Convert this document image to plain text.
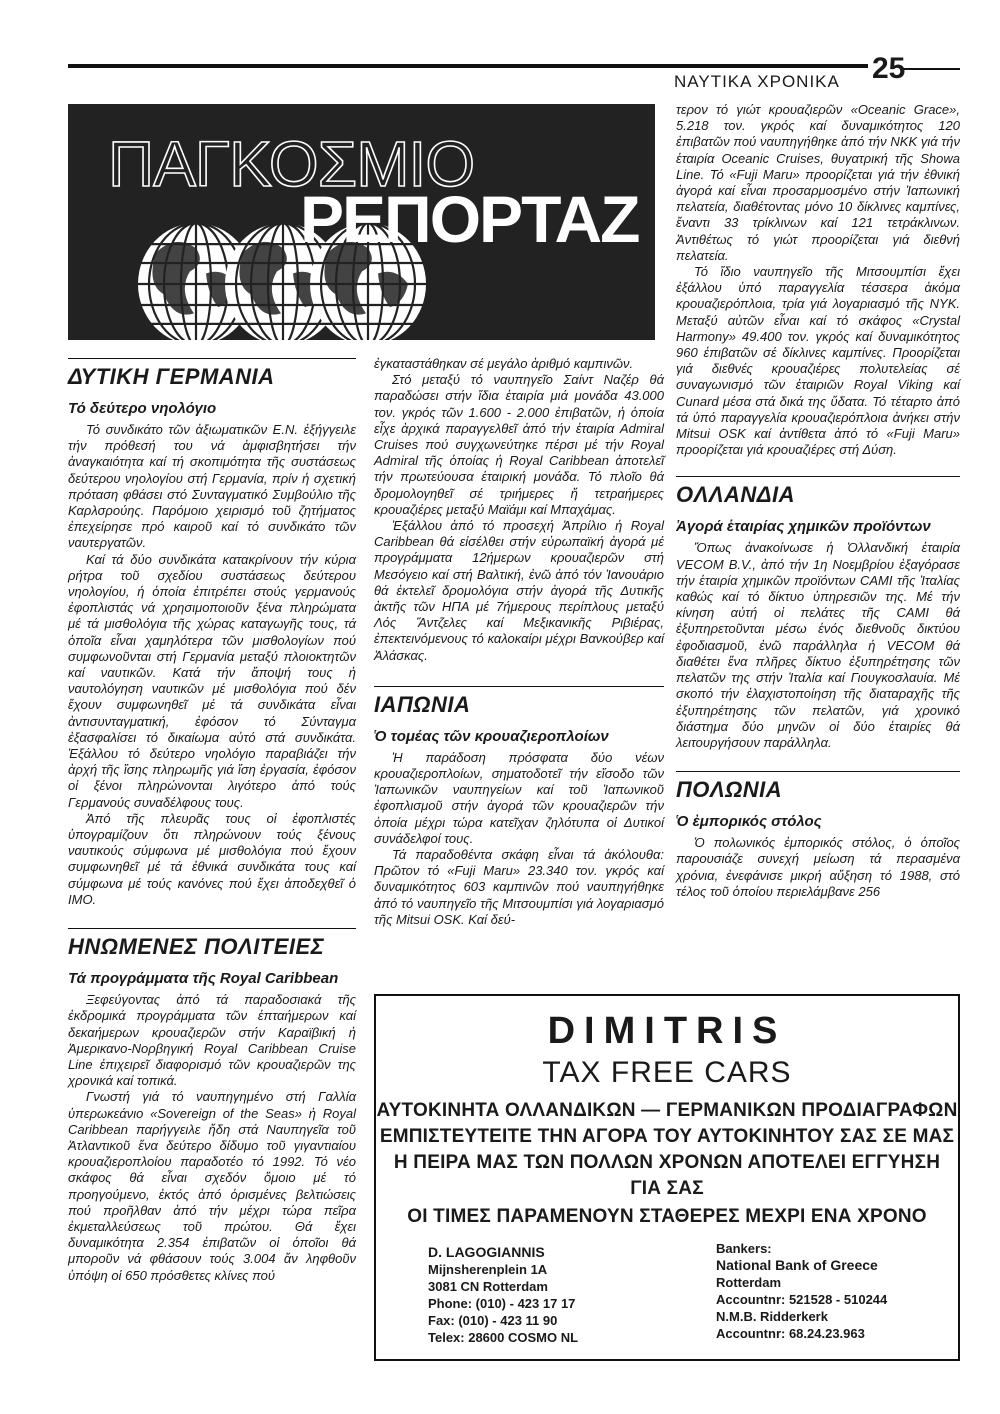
ΝΑΥΤΙΚΑ ΧΡΟΝΙΚΑ 25
ΠΑΓΚΟΣΜΙΟ
ΡΕΠΟΡΤΑΖ
ΔΥΤΙΚΗ ΓΕΡΜΑΝΙΑ
Τό δεύτερο νηολόγιο

Τό συνδικάτο τῶν ἀξιωματικῶν Ε.Ν. ἐξήγγειλε τήν πρόθεσή του νά ἀμφισβητήσει τήν ἀναγκαιότητα καί τή σκοπιμότητα τῆς συστάσεως δεύτερου νηολογίου στή Γερμανία, πρίν ἡ σχετική πρόταση φθάσει στό Συνταγματικό Συμβούλιο τῆς Καρλσρούης. Παρόμοιο χειρισμό τοῦ ζητήματος ἐπεχείρησε πρό καιροῦ καί τό συνδικάτο τῶν ναυτεργατῶν.

Καί τά δύο συνδικάτα κατακρίνουν τήν κύρια ρήτρα τοῦ σχεδίου συστάσεως δεύτερου νηολογίου, ἡ ὁποία ἐπιτρέπει στούς γερμανούς ἐφοπλιστάς νά χρησιμοποιοῦν ξένα πληρώματα μέ τά μισθολόγια τῆς χώρας καταγωγῆς τους, τά ὁποῖα εἶναι χαμηλότερα τῶν μισθολογίων πού συμφωνοῦνται στή Γερμανία μεταξύ πλοιοκτητῶν καί ναυτικῶν. Κατά τήν ἄποψή τους ἡ ναυτολόγηση ναυτικῶν μέ μισθολόγια πού δέν ἔχουν συμφωνηθεῖ μέ τά συνδικάτα εἶναι ἀντισυνταγματική, ἐφόσον τό Σύνταγμα ἐξασφαλίσει τό δικαίωμα αὐτό στά συνδικάτα. Ἐξάλλου τό δεύτερο νηολόγιο παραβιάζει τήν ἀρχή τῆς ἴσης πληρωμῆς γιά ἴση ἐργασία, ἐφόσον οἱ ξένοι πληρώνονται λιγότερο ἀπό τούς Γερμανούς συναδέλφους τους.

Ἀπό τῆς πλευρᾶς τους οἱ ἐφοπλιστές ὑπογραμίζουν ὅτι πληρώνουν τούς ξένους ναυτικούς σύμφωνα μέ μισθολόγια πού ἔχουν συμφωνηθεῖ μέ τά ἐθνικά συνδικάτα τους καί σύμφωνα μέ τούς κανόνες πού ἔχει ἀποδεχθεῖ ὁ ΙΜΟ.

ΗΝΩΜΕΝΕΣ ΠΟΛΙΤΕΙΕΣ
Τά προγράμματα τῆς Royal Caribbean

Ξεφεύγοντας ἀπό τά παραδοσιακά τῆς ἐκδρομικά προγράμματα τῶν ἑπταήμερων καί δεκαήμερων κρουαζιερῶν στήν Καραϊβική ἡ Ἀμερικανο-Νορβηγική Royal Caribbean Cruise Line ἐπιχειρεῖ διαφορισμό τῶν κρουαζιερῶν της χρονικά καί τοπικά.

Γνωστή γιά τό ναυπηγημένο στή Γαλλία ὑπερωκεάνιο «Sovereign of the Seas» ἡ Royal Caribbean παρήγγειλε ἤδη στά Ναυπηγεῖα τοῦ Ἀτλαντικοῦ ἕνα δεύτερο δίδυμο τοῦ γιγαντιαίου κρουαζιεροπλοίου παραδοτέο τό 1992. Τό νέο σκάφος θά εἶναι σχεδόν ὅμοιο μέ τό προηγούμενο, ἐκτός ἀπό ὁρισμένες βελτιώσεις πού προῆλθαν ἀπό τήν μέχρι τώρα πεῖρα ἐκμεταλλεύσεως τοῦ πρώτου. Θά ἔχει δυναμικότητα 2.354 ἐπιβατῶν οἱ ὁποῖοι θά μποροῦν νά φθάσουν τούς 3.004 ἄν ληφθοῦν ὑπόψη οἱ 650 πρόσθετες κλίνες πού

ἐγκαταστάθηκαν σέ μεγάλο ἀριθμό καμπινῶν.

Στό μεταξύ τό ναυπηγεῖο Σαίντ Ναζέρ θά παραδώσει στήν ἴδια ἑταιρία μιά μονάδα 43.000 τον. γκρός τῶν 1.600 - 2.000 ἐπιβατῶν, ἡ ὁποία εἶχε ἀρχικά παραγγελθεῖ ἀπό τήν ἑταιρία Admiral Cruises πού συγχωνεύτηκε πέρσι μέ τήν Royal Admiral τῆς ὁποίας ἡ Royal Caribbean ἀποτελεῖ τήν πρωτεύουσα ἑταιρική μονάδα. Τό πλοῖο θά δρομολογηθεῖ σέ τριήμερες ἤ τετραήμερες κρουαζιέρες μεταξύ Μαϊάμι καί Μπαχάμας.

Ἐξάλλου ἀπό τό προσεχή Ἀπρίλιο ἡ Royal Caribbean θά εἰσέλθει στήν εὐρωπαϊκή ἀγορά μέ προγράμματα 12ήμερων κρουαζιερῶν στή Μεσόγειο καί στή Βαλτική, ἐνῶ ἀπό τόν Ἰανουάριο θά ἐκτελεῖ δρομολόγια στήν ἀγορά τῆς Δυτικῆς ἀκτῆς τῶν ΗΠΑ μέ 7ήμερους περίπλους μεταξύ Λός Ἄντζελες καί Μεξικανικῆς Ριβιέρας, ἐπεκτεινόμενους τό καλοκαίρι μέχρι Βανκούβερ καί Ἀλάσκας.

ΙΑΠΩΝΙΑ
Ὁ τομέας τῶν κρουαζιεροπλοίων

Ἡ παράδοση πρόσφατα δύο νέων κρουαζιεροπλοίων, σηματοδοτεῖ τήν εἴσοδο τῶν Ἰαπωνικῶν ναυπηγείων καί τοῦ Ἰαπωνικοῦ ἐφοπλισμοῦ στήν ἀγορά τῶν κρουαζιερῶν τήν ὁποία μέχρι τώρα κατεῖχαν ζηλότυπα οἱ Δυτικοί συνάδελφοί τους.

Τά παραδοθέντα σκάφη εἶναι τά ἀκόλουθα: Πρῶτον τό «Fuji Maru» 23.340 τον. γκρός καί δυναμικότητος 603 καμπινῶν πού ναυπηγήθηκε ἀπό τό ναυπηγεῖο τῆς Μιτσουμπίσι γιά λογαριασμό τῆς Mitsui OSK. Καί δεύ-

τερον τό γιώτ κρουαζιερῶν «Oceanic Grace», 5.218 τον. γκρός καί δυναμικότητος 120 ἐπιβατῶν πού ναυπηγήθηκε ἀπό τήν NKK γιά τήν ἑταιρία Oceanic Cruises, θυγατρική τῆς Showa Line. Τό «Fuji Maru» προορίζεται γιά τήν ἐθνική ἀγορά καί εἶναι προσαρμοσμένο στήν Ἰαπωνική πελατεία, διαθέτοντας μόνο 10 δίκλινες καμπίνες, ἔναντι 33 τρίκλινων καί 121 τετράκλινων. Ἀντιθέτως τό γιώτ προορίζεται γιά διεθνή πελατεία.

Τό ἴδιο ναυπηγεῖο τῆς Μιτσουμπίσι ἔχει ἐξάλλου ὑπό παραγγελία τέσσερα ἀκόμα κρουαζιερόπλοια, τρία γιά λογαριασμό τῆς NYK. Μεταξύ αὐτῶν εἶναι καί τό σκάφος «Crystal Harmony» 49.400 τον. γκρός καί δυναμικότητος 960 ἐπιβατῶν σέ δίκλινες καμπίνες. Προορίζεται γιά διεθνές κρουαζιέρες πολυτελείας σέ συναγωνισμό τῶν ἑταιριῶν Royal Viking καί Cunard μέσα στά δικά της ὕδατα. Τό τέταρτο ἀπό τά ὑπό παραγγελία κρουαζιερόπλοια ἀνήκει στήν Mitsui OSK καί ἀντίθετα ἀπό τό «Fuji Maru» προορίζεται γιά κρουαζιέρες στή Δύση.

ΟΛΛΑΝΔΙΑ
Ἀγορά ἑταιρίας χημικῶν προϊόντων

Ὅπως ἀνακοίνωσε ἡ Ὀλλανδική ἑταιρία VECOM B.V., ἀπό τήν 1η Νοεμβρίου ἐξαγόρασε τήν ἑταιρία χημικῶν προϊόντων CAMI τῆς Ἰταλίας καθώς καί τό δίκτυο ὑπηρεσιῶν της. Μέ τήν κίνηση αὐτή οἱ πελάτες τῆς CAMI θά ἐξυπηρετοῦνται μέσω ἑνός διεθνοῦς δικτύου ἐφοδιασμοῦ, ἐνῶ παράλληλα ἡ VECOM θά διαθέτει ἕνα πλῆρες δίκτυο ἐξυπηρέτησης τῶν πελατῶν της στήν Ἰταλία καί Γιουγκοσλαυία. Μέ σκοπό τήν ἐλαχιστοποίηση τῆς διαταραχῆς τῆς ἐξυπηρέτησης τῶν πελατῶν, γιά χρονικό διάστημα δύο μηνῶν οἱ δύο ἑταιρίες θά λειτουργήσουν παράλληλα.

ΠΟΛΩΝΙΑ
Ὁ ἐμπορικός στόλος

Ὁ πολωνικός ἐμπορικός στόλος, ὁ ὁποῖος παρουσιάζε συνεχή μείωση τά περασμένα χρόνια, ἐνεφάνισε μικρή αὔξηση τό 1988, στό τέλος τοῦ ὁποίου περιελάμβανε 256

DIMITRIS
TAX FREE CARS
ΑΥΤΟΚΙΝΗΤΑ ΟΛΛΑΝΔΙΚΩΝ — ΓΕΡΜΑΝΙΚΩΝ ΠΡΟΔΙΑΓΡΑΦΩΝ
ΕΜΠΙΣΤΕΥΤΕΙΤΕ ΤΗΝ ΑΓΟΡΑ ΤΟΥ ΑΥΤΟΚΙΝΗΤΟΥ ΣΑΣ ΣΕ ΜΑΣ
Η ΠΕΙΡΑ ΜΑΣ ΤΩΝ ΠΟΛΛΩΝ ΧΡΟΝΩΝ ΑΠΟΤΕΛΕΙ ΕΓΓΥΗΣΗ
ΓΙΑ ΣΑΣ
ΟΙ ΤΙΜΕΣ ΠΑΡΑΜΕΝΟΥΝ ΣΤΑΘΕΡΕΣ ΜΕΧΡΙ ΕΝΑ ΧΡΟΝΟ
D. LAGOGIANNIS
Mijnsherenplein 1A
3081 CN Rotterdam
Phone: (010) - 423 17 17
Fax: (010) - 423 11 90
Telex: 28600 COSMO NL
Bankers:
National Bank of Greece
Rotterdam
Accountnr: 521528 - 510244
N.M.B. Ridderkerk
Accountnr: 68.24.23.963
